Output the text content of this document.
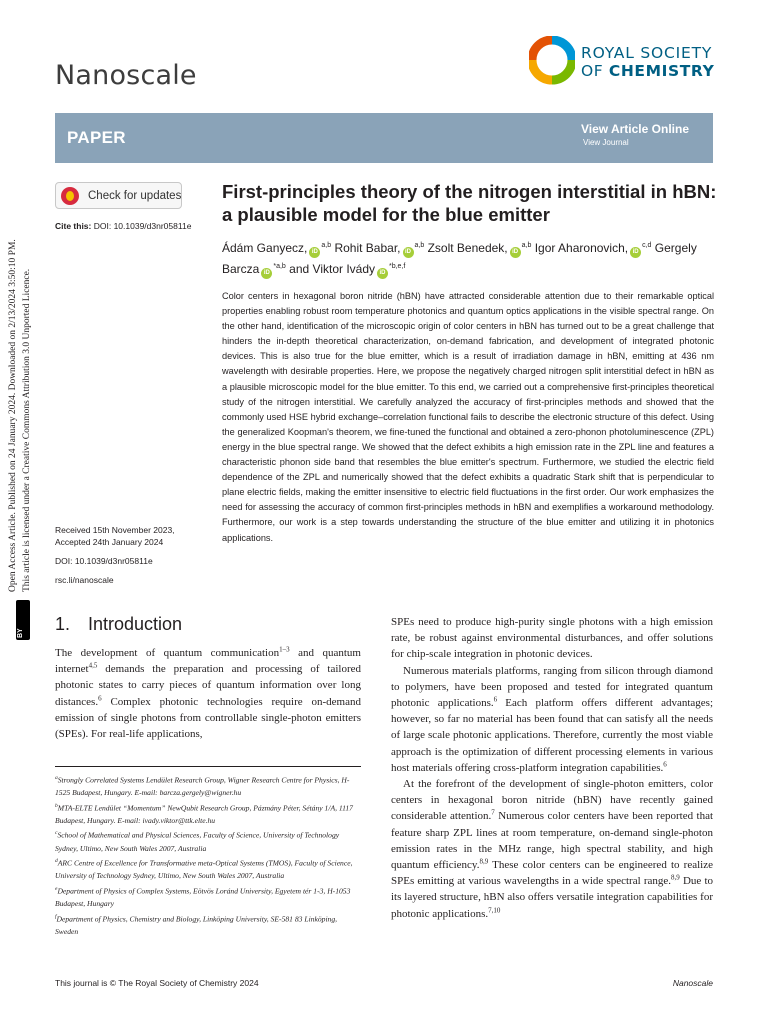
Nanoscale
ROYAL SOCIETY
OF CHEMISTRY
PAPER	View Article Online
View Journal
Open Access Article. Published on 24 January 2024. Downloaded on 2/13/2024 3:50:10 PM. This article is licensed under a Creative Commons Attribution 3.0 Unported Licence.
BY
Check for updates
Cite this: DOI: 10.1039/d3nr05811e
Received 15th November 2023,
Accepted 24th January 2024
DOI: 10.1039/d3nr05811e
rsc.li/nanoscale
First-principles theory of the nitrogen interstitial in hBN: a plausible model for the blue emitter
Ádám Ganyecz, iD$^{a,b}$ Rohit Babar, iD$^{a,b}$ Zsolt Benedek, iD$^{a,b}$ Igor Aharonovich, iD$^{c,d}$ Gergely Barcza iD$^{*a,b}$ and Viktor Ivády iD$^{*b,e,f}$
Color centers in hexagonal boron nitride (hBN) have attracted considerable attention due to their remarkable optical properties enabling robust room temperature photonics and quantum optics applications in the visible spectral range. On the other hand, identification of the microscopic origin of color centers in hBN has turned out to be a great challenge that hinders the in-depth theoretical characterization, on-demand fabrication, and development of integrated photonic devices. This is also true for the blue emitter, which is a result of irradiation damage in hBN, emitting at 436 nm wavelength with desirable properties. Here, we propose the negatively charged nitrogen split interstitial defect in hBN as a plausible microscopic model for the blue emitter. To this end, we carried out a comprehensive first-principles theoretical study of the nitrogen interstitial. We carefully analyzed the accuracy of first-principles methods and showed that the commonly used HSE hybrid exchange–correlation functional fails to describe the electronic structure of this defect. Using the generalized Koopman's theorem, we fine-tuned the functional and obtained a zero-phonon photoluminescence (ZPL) energy in the blue spectral range. We showed that the defect exhibits a high emission rate in the ZPL line and features a characteristic phonon side band that resembles the blue emitter's spectrum. Furthermore, we studied the electric field dependence of the ZPL and numerically showed that the defect exhibits a quadratic Stark shift that is perpendicular to plane electric fields, making the emitter insensitive to electric field fluctuations in the first order. Our work emphasizes the need for assessing the accuracy of common first-principles methods in hBN and exemplifies a workaround methodology. Furthermore, our work is a step towards understanding the structure of the blue emitter and utilizing it in photonics applications.
1. Introduction

The development of quantum communication$^{1-3}$ and quantum internet$^{4,5}$ demands the preparation and processing of tailored photonic states to carry pieces of quantum information over long distances.$^6$ Complex photonic technologies require on-demand emission of single photons from controllable single-photon emitters (SPEs). For real-life applications,

SPEs need to produce high-purity single photons with a high emission rate, be robust against environmental disturbances, and offer solutions for chip-scale integration in photonic devices.

Numerous materials platforms, ranging from silicon through diamond to polymers, have been proposed and tested for integrated quantum photonic applications.$^6$ Each platform offers different advantages; however, so far no material has been found that can satisfy all the needs of large scale photonic applications. Therefore, currently the most viable approach is the optimization of different processing elements in various host materials offering cross-platform integration capabilities.$^6$

At the forefront of the development of single-photon emitters, color centers in hexagonal boron nitride (hBN) have recently gained considerable attention.$^7$ Numerous color centers have been reported that feature sharp ZPL lines at room temperature, on-demand single-photon emission rates in the MHz range, high spectral stability, and high quantum efficiency.$^{8,9}$ These color centers can be engineered to realize SPEs emitting at various wavelengths in a wide spectral range.$^{8,9}$ Due to its layered structure, hBN also offers versatile integration capabilities for photonic applications.$^{7,10}$

$^a$Strongly Correlated Systems Lendület Research Group, Wigner Research Centre for Physics, H-1525 Budapest, Hungary. E-mail: barcza.gergely@wigner.hu
$^b$MTA-ELTE Lendület “Momentum” NewQubit Research Group, Pázmány Péter, Sétány 1/A, 1117 Budapest, Hungary. E-mail: ivady.viktor@ttk.elte.hu
$^c$School of Mathematical and Physical Sciences, Faculty of Science, University of Technology Sydney, Ultimo, New South Wales 2007, Australia
$^d$ARC Centre of Excellence for Transformative meta-Optical Systems (TMOS), Faculty of Science, University of Technology Sydney, Ultimo, New South Wales 2007, Australia
$^e$Department of Physics of Complex Systems, Eötvös Loránd University, Egyetem tér 1-3, H-1053 Budapest, Hungary
$^f$Department of Physics, Chemistry and Biology, Linköping University, SE-581 83 Linköping, Sweden
This journal is © The Royal Society of Chemistry 2024	Nanoscale
